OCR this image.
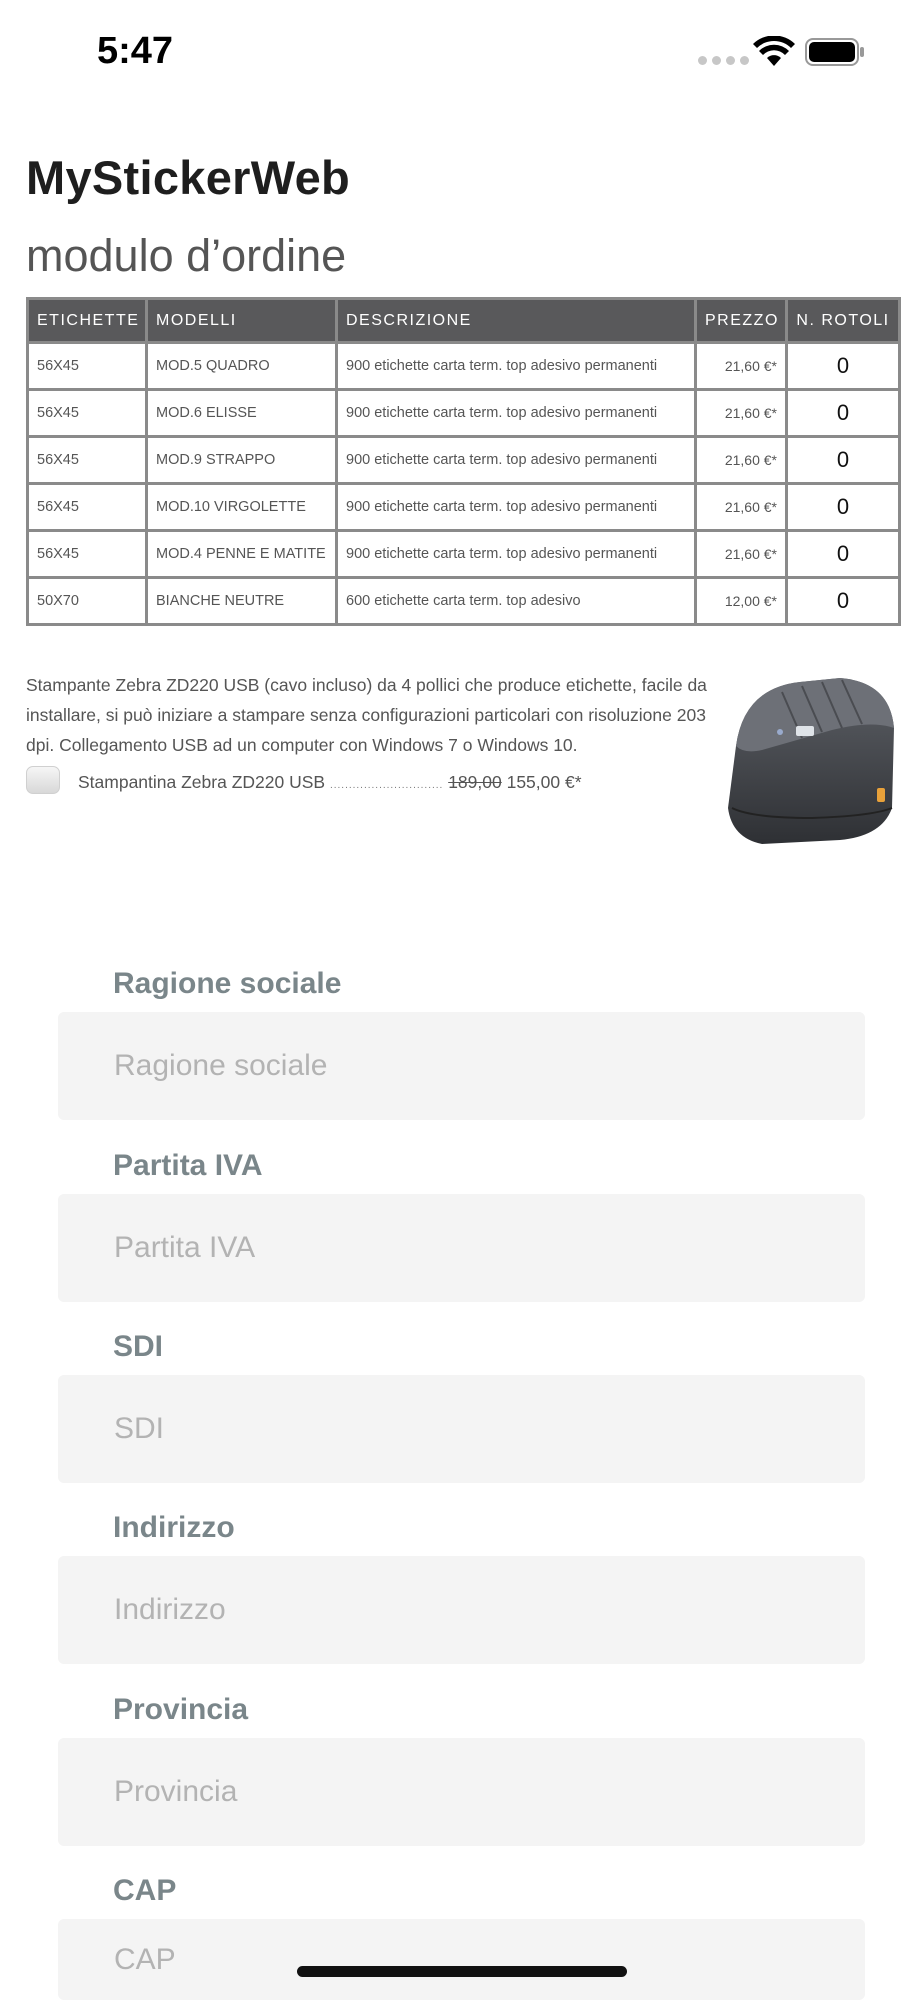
5:47
MyStickerWeb
modulo d’ordine
ETICHETTE	MODELLI	DESCRIZIONE	PREZZO	N. ROTOLI
56X45	MOD.5 QUADRO	900 etichette carta term. top adesivo permanenti	21,60 €*	0
56X45	MOD.6 ELISSE	900 etichette carta term. top adesivo permanenti	21,60 €*	0
56X45	MOD.9 STRAPPO	900 etichette carta term. top adesivo permanenti	21,60 €*	0
56X45	MOD.10 VIRGOLETTE	900 etichette carta term. top adesivo permanenti	21,60 €*	0
56X45	MOD.4 PENNE E MATITE	900 etichette carta term. top adesivo permanenti	21,60 €*	0
50X70	BIANCHE NEUTRE	600 etichette carta term. top adesivo	12,00 €*	0

Stampante Zebra ZD220 USB (cavo incluso) da 4 pollici che produce etichette, facile da installare, si può iniziare a stampare senza configurazioni particolari con risoluzione 203 dpi. Collegamento USB ad un computer con Windows 7 o Windows 10.

Stampantina Zebra ZD220 USB .............................. 189,00 155,00 €*
Ragione sociale
Ragione sociale
Partita IVA
Partita IVA
SDI
SDI
Indirizzo
Indirizzo
Provincia
Provincia
CAP
CAP
